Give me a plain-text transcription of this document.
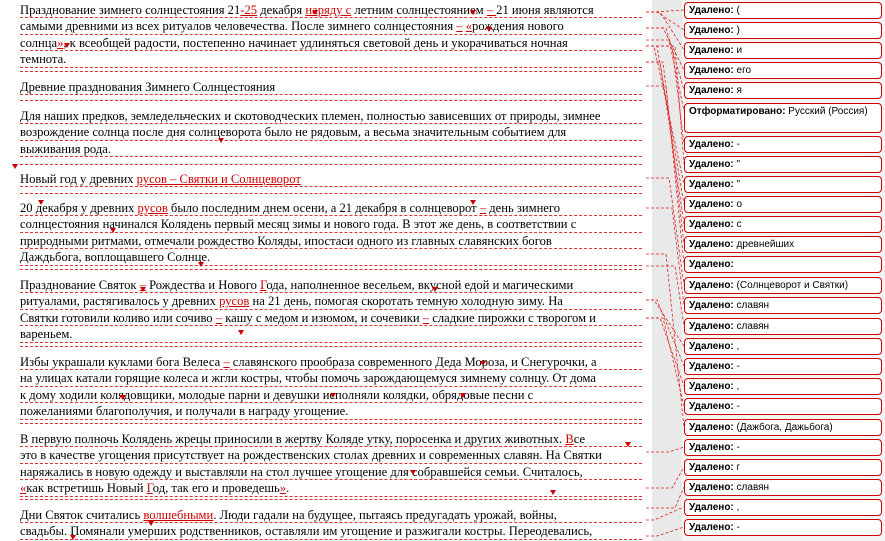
Празднование зимнего солнцестояния 21-25 декабря наряду с летним солнцестоянием – 21 июня являются
самыми древними из всех ритуалов человечества. После зимнего солнцестояния – «рождения нового
солнца», к всеобщей радости, постепенно начинает удлиняться световой день и укорачиваться ночная
темнота.
Древние празднования Зимнего Солнцестояния
Для наших предков, земледельческих и скотоводческих племен, полностью зависевших от природы, зимнее
возрождение солнца после дня солнцеворота было не рядовым, а весьма значительным событием для
выживания рода.
Новый год у древних русов – Святки и Солнцеворот
20 декабря у древних русов было последним днем осени, а 21 декабря в солнцеворот – день зимнего
солнцестояния начинался Колядень первый месяц зимы и нового года. В этот же день, в соответствии с
природными ритмами, отмечали рождество Коляды, ипостаси одного из главных славянских богов
Даждьбога, воплощавшего Солнце.
Празднование Святок – Рождества и Нового Года, наполненное весельем, вкусной едой и магическими
ритуалами, растягивалось у древних русов на 21 день, помогая скоротать темную холодную зиму. На
Святки готовили коливо или сочиво – кашу с медом и изюмом, и сочевики – сладкие пирожки с творогом и
вареньем.
Избы украшали куклами бога Велеса – славянского прообраза современного Деда Мороза, и Снегурочки, а
на улицах катали горящие колеса и жгли костры, чтобы помочь зарождающемуся зимнему солнцу. От дома
к дому ходили колядовщики, молодые парни и девушки исполняли колядки, обрядовые песни с
пожеланиями благополучия, и получали в награду угощение.
В первую полночь Колядень жрецы приносили в жертву Коляде утку, поросенка и других животных. Все
это в качестве угощения присутствует на рождественских столах древних и современных славян. На Святки
наряжались в новую одежду и выставляли на стол лучшее угощение для собравшейся семьи. Считалось,
«как встретишь Новый Год, так его и проведешь».
Дни Святок считались волшебными. Люди гадали на будущее, пытаясь предугадать урожай, войны,
свадьбы. Помянали умерших родственников, оставляли им угощение и разжигали костры. Переодевались,
Удалено: (
Удалено: )
Удалено: и
Удалено: его
Удалено: я
Отформатировано: Русский (Россия)
Удалено: -
Удалено: "
Удалено: "
Удалено: о
Удалено: с
Удалено: древнейших
Удалено:
Удалено: (Солнцеворот и Святки)
Удалено: славян
Удалено: славян
Удалено: ,
Удалено: -
Удалено: ,
Удалено: -
Удалено: (Дажбога, Дажьбога)
Удалено: -
Удалено: г
Удалено: славян
Удалено: ,
Удалено: -
